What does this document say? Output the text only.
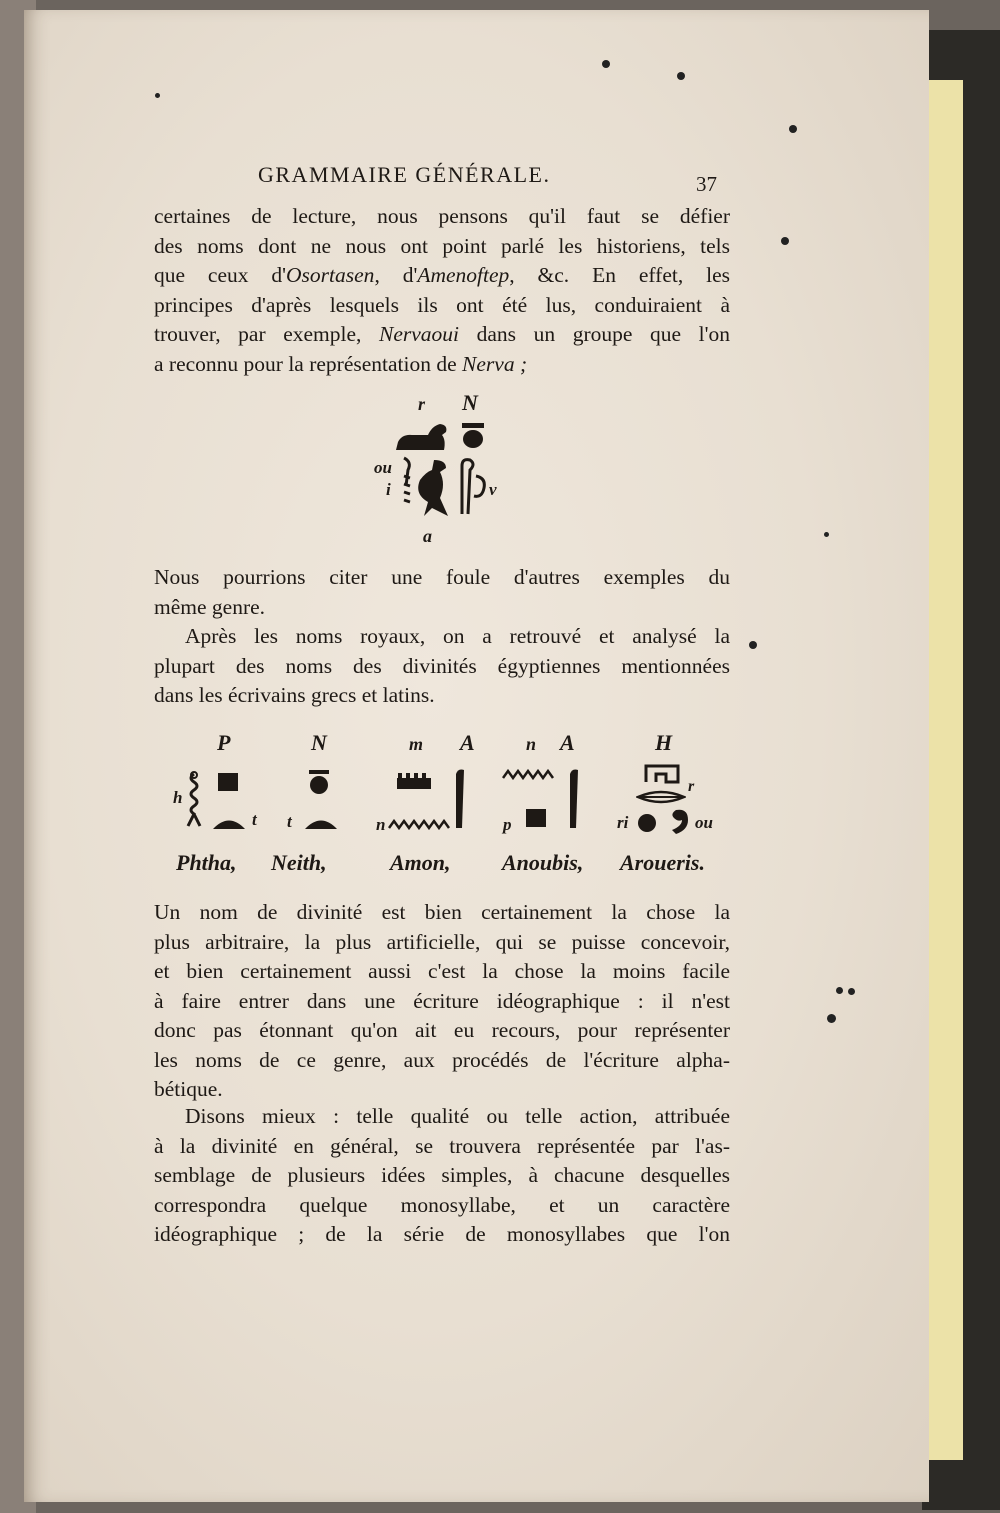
GRAMMAIRE GÉNÉRALE.	37
certaines de lecture, nous pensons qu'il faut se défier
des noms dont ne nous ont point parlé les historiens, tels
que ceux d'Osortasen, d'Amenoftep, &c. En effet, les
principes d'après lesquels ils ont été lus, conduiraient à
trouver, par exemple, Nervaoui dans un groupe que l'on
a reconnu pour la représentation de Nerva ;
r N
ou
i	v
a
Nous pourrions citer une foule d'autres exemples du
même genre.
Après les noms royaux, on a retrouvé et analysé la
plupart des noms des divinités égyptiennes mentionnées
dans les écrivains grecs et latins.
P	N	m A	n A	H
h
t t	n	p
r
ri	ou
Phtha, Neith,	Amon, Anoubis, Aroueris.
Un nom de divinité est bien certainement la chose la
plus arbitraire, la plus artificielle, qui se puisse concevoir,
et bien certainement aussi c'est la chose la moins facile
à faire entrer dans une écriture idéographique : il n'est
donc pas étonnant qu'on ait eu recours, pour représenter
les noms de ce genre, aux procédés de l'écriture alpha-
bétique.
Disons mieux : telle qualité ou telle action, attribuée
à la divinité en général, se trouvera représentée par l'as-
semblage de plusieurs idées simples, à chacune desquelles
correspondra quelque monosyllabe, et un caractère
idéographique ; de la série de monosyllabes que l'on
